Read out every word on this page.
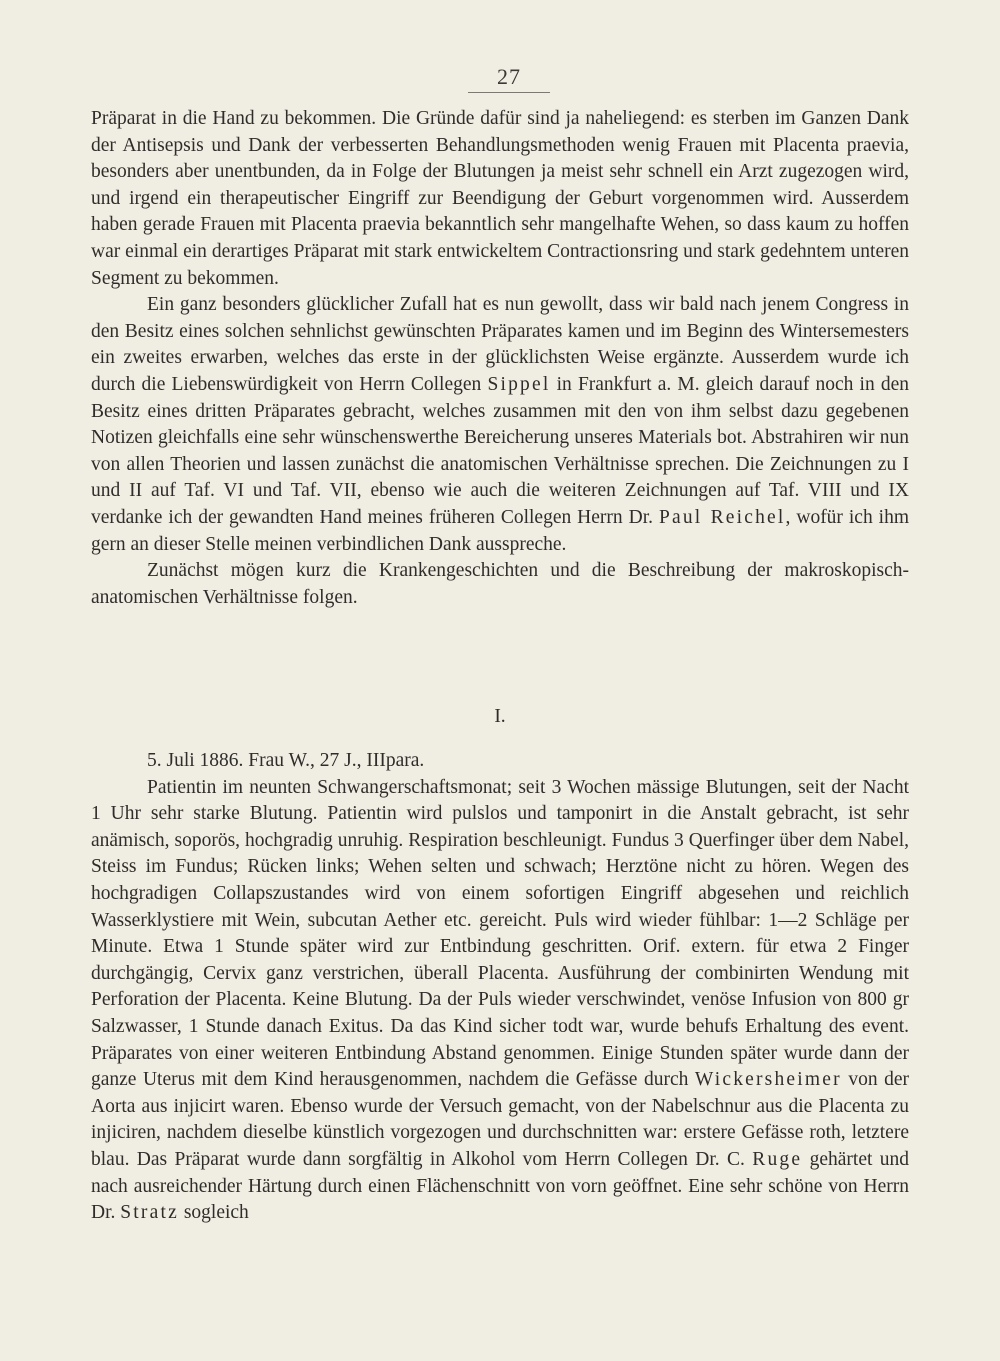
27

Präparat in die Hand zu bekommen. Die Gründe dafür sind ja naheliegend: es sterben im Ganzen Dank der Antisepsis und Dank der verbesserten Behandlungsmethoden wenig Frauen mit Placenta praevia, besonders aber unentbunden, da in Folge der Blutungen ja meist sehr schnell ein Arzt zugezogen wird, und irgend ein therapeutischer Eingriff zur Beendigung der Geburt vorgenommen wird. Ausserdem haben gerade Frauen mit Placenta praevia bekanntlich sehr mangelhafte Wehen, so dass kaum zu hoffen war einmal ein derartiges Präparat mit stark entwickeltem Contractionsring und stark gedehntem unteren Segment zu bekommen.

Ein ganz besonders glücklicher Zufall hat es nun gewollt, dass wir bald nach jenem Congress in den Besitz eines solchen sehnlichst gewünschten Präparates kamen und im Beginn des Wintersemesters ein zweites erwarben, welches das erste in der glücklichsten Weise ergänzte. Ausserdem wurde ich durch die Liebenswürdigkeit von Herrn Collegen Sippel in Frankfurt a. M. gleich darauf noch in den Besitz eines dritten Präparates gebracht, welches zusammen mit den von ihm selbst dazu gegebenen Notizen gleichfalls eine sehr wünschenswerthe Bereicherung unseres Materials bot. Abstrahiren wir nun von allen Theorien und lassen zunächst die anatomischen Verhältnisse sprechen. Die Zeichnungen zu I und II auf Taf. VI und Taf. VII, ebenso wie auch die weiteren Zeichnungen auf Taf. VIII und IX verdanke ich der gewandten Hand meines früheren Collegen Herrn Dr. Paul Reichel, wofür ich ihm gern an dieser Stelle meinen verbindlichen Dank ausspreche.

Zunächst mögen kurz die Krankengeschichten und die Beschreibung der makroskopisch-anatomischen Verhältnisse folgen.

I.

5. Juli 1886. Frau W., 27 J., IIIpara.

Patientin im neunten Schwangerschaftsmonat; seit 3 Wochen mässige Blutungen, seit der Nacht 1 Uhr sehr starke Blutung. Patientin wird pulslos und tamponirt in die Anstalt gebracht, ist sehr anämisch, soporös, hochgradig unruhig. Respiration beschleunigt. Fundus 3 Querfinger über dem Nabel, Steiss im Fundus; Rücken links; Wehen selten und schwach; Herztöne nicht zu hören. Wegen des hochgradigen Collapszustandes wird von einem sofortigen Eingriff abgesehen und reichlich Wasserklystiere mit Wein, subcutan Aether etc. gereicht. Puls wird wieder fühlbar: 1—2 Schläge per Minute. Etwa 1 Stunde später wird zur Entbindung geschritten. Orif. extern. für etwa 2 Finger durchgängig, Cervix ganz verstrichen, überall Placenta. Ausführung der combinirten Wendung mit Perforation der Placenta. Keine Blutung. Da der Puls wieder verschwindet, venöse Infusion von 800 gr Salzwasser, 1 Stunde danach Exitus. Da das Kind sicher todt war, wurde behufs Erhaltung des event. Präparates von einer weiteren Entbindung Abstand genommen. Einige Stunden später wurde dann der ganze Uterus mit dem Kind herausgenommen, nachdem die Gefässe durch Wickersheimer von der Aorta aus injicirt waren. Ebenso wurde der Versuch gemacht, von der Nabelschnur aus die Placenta zu injiciren, nachdem dieselbe künstlich vorgezogen und durchschnitten war: erstere Gefässe roth, letztere blau. Das Präparat wurde dann sorgfältig in Alkohol vom Herrn Collegen Dr. C. Ruge gehärtet und nach ausreichender Härtung durch einen Flächenschnitt von vorn geöffnet. Eine sehr schöne von Herrn Dr. Stratz sogleich
